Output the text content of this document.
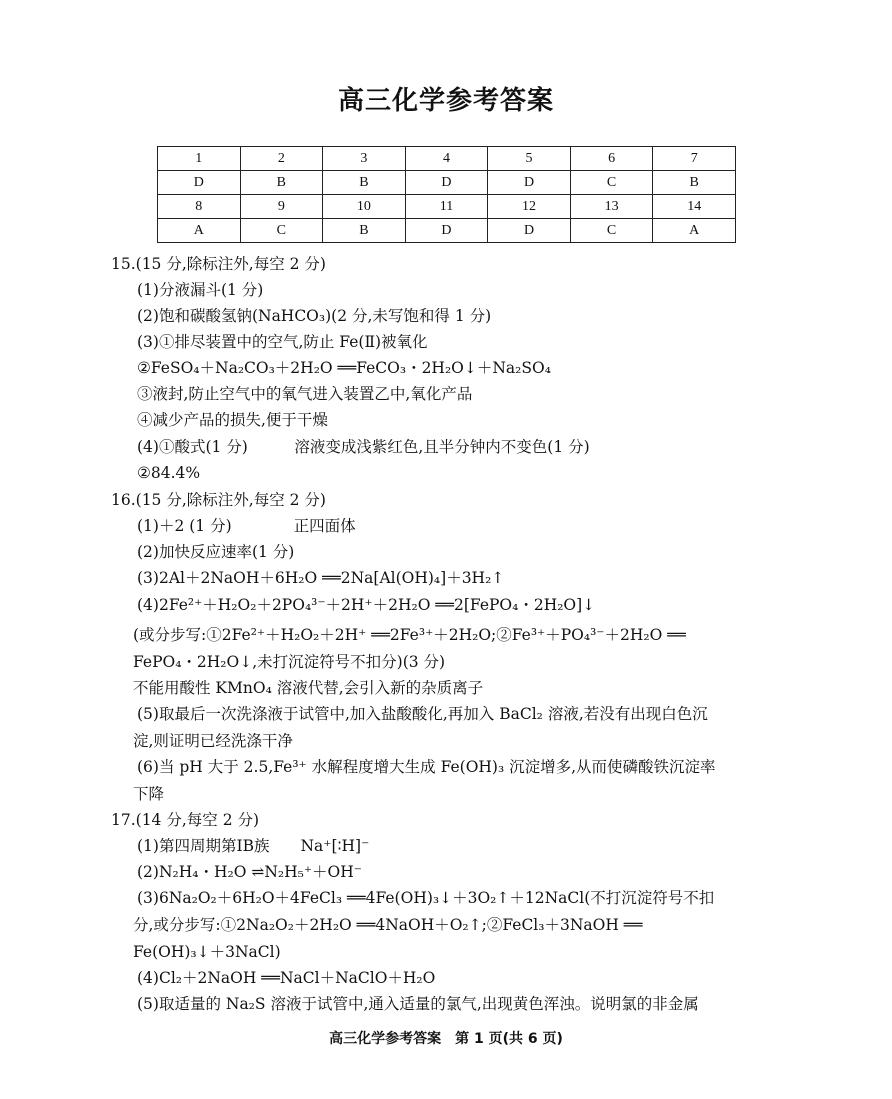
高三化学参考答案
1	2	3	4	5	6	7
D	B	B	D	D	C	B
8	9	10	11	12	13	14
A	C	B	D	D	C	A
15.(15 分,除标注外,每空 2 分)
(1)分液漏斗(1 分)
(2)饱和碳酸氢钠(NaHCO₃)(2 分,未写饱和得 1 分)
(3)①排尽装置中的空气,防止 Fe(Ⅱ)被氧化
②FeSO₄＋Na₂CO₃＋2H₂O ══FeCO₃・2H₂O↓＋Na₂SO₄
③液封,防止空气中的氧气进入装置乙中,氧化产品
④减少产品的损失,便于干燥
(4)①酸式(1 分)　　　溶液变成浅紫红色,且半分钟内不变色(1 分)
②84.4%
16.(15 分,除标注外,每空 2 分)
(1)＋2 (1 分)　　　　正四面体
(2)加快反应速率(1 分)
(3)2Al＋2NaOH＋6H₂O ══2Na[Al(OH)₄]＋3H₂↑
(4)2Fe²⁺＋H₂O₂＋2PO₄³⁻＋2H⁺＋2H₂O ══2[FePO₄・2H₂O]↓
(或分步写:①2Fe²⁺＋H₂O₂＋2H⁺ ══2Fe³⁺＋2H₂O;②Fe³⁺＋PO₄³⁻＋2H₂O ══
FePO₄・2H₂O↓,未打沉淀符号不扣分)(3 分)
不能用酸性 KMnO₄ 溶液代替,会引入新的杂质离子
(5)取最后一次洗涤液于试管中,加入盐酸酸化,再加入 BaCl₂ 溶液,若没有出现白色沉
淀,则证明已经洗涤干净
(6)当 pH 大于 2.5,Fe³⁺ 水解程度增大生成 Fe(OH)₃ 沉淀增多,从而使磷酸铁沉淀率
下降
17.(14 分,每空 2 分)
(1)第四周期第ⅠB族　　Na⁺[∶H]⁻
(2)N₂H₄・H₂O ⇌N₂H₅⁺＋OH⁻
(3)6Na₂O₂＋6H₂O＋4FeCl₃ ══4Fe(OH)₃↓＋3O₂↑＋12NaCl(不打沉淀符号不扣
分,或分步写:①2Na₂O₂＋2H₂O ══4NaOH＋O₂↑;②FeCl₃＋3NaOH ══
Fe(OH)₃↓＋3NaCl)
(4)Cl₂＋2NaOH ══NaCl＋NaClO＋H₂O
(5)取适量的 Na₂S 溶液于试管中,通入适量的氯气,出现黄色浑浊。说明氯的非金属
高三化学参考答案　第 1 页(共 6 页)
